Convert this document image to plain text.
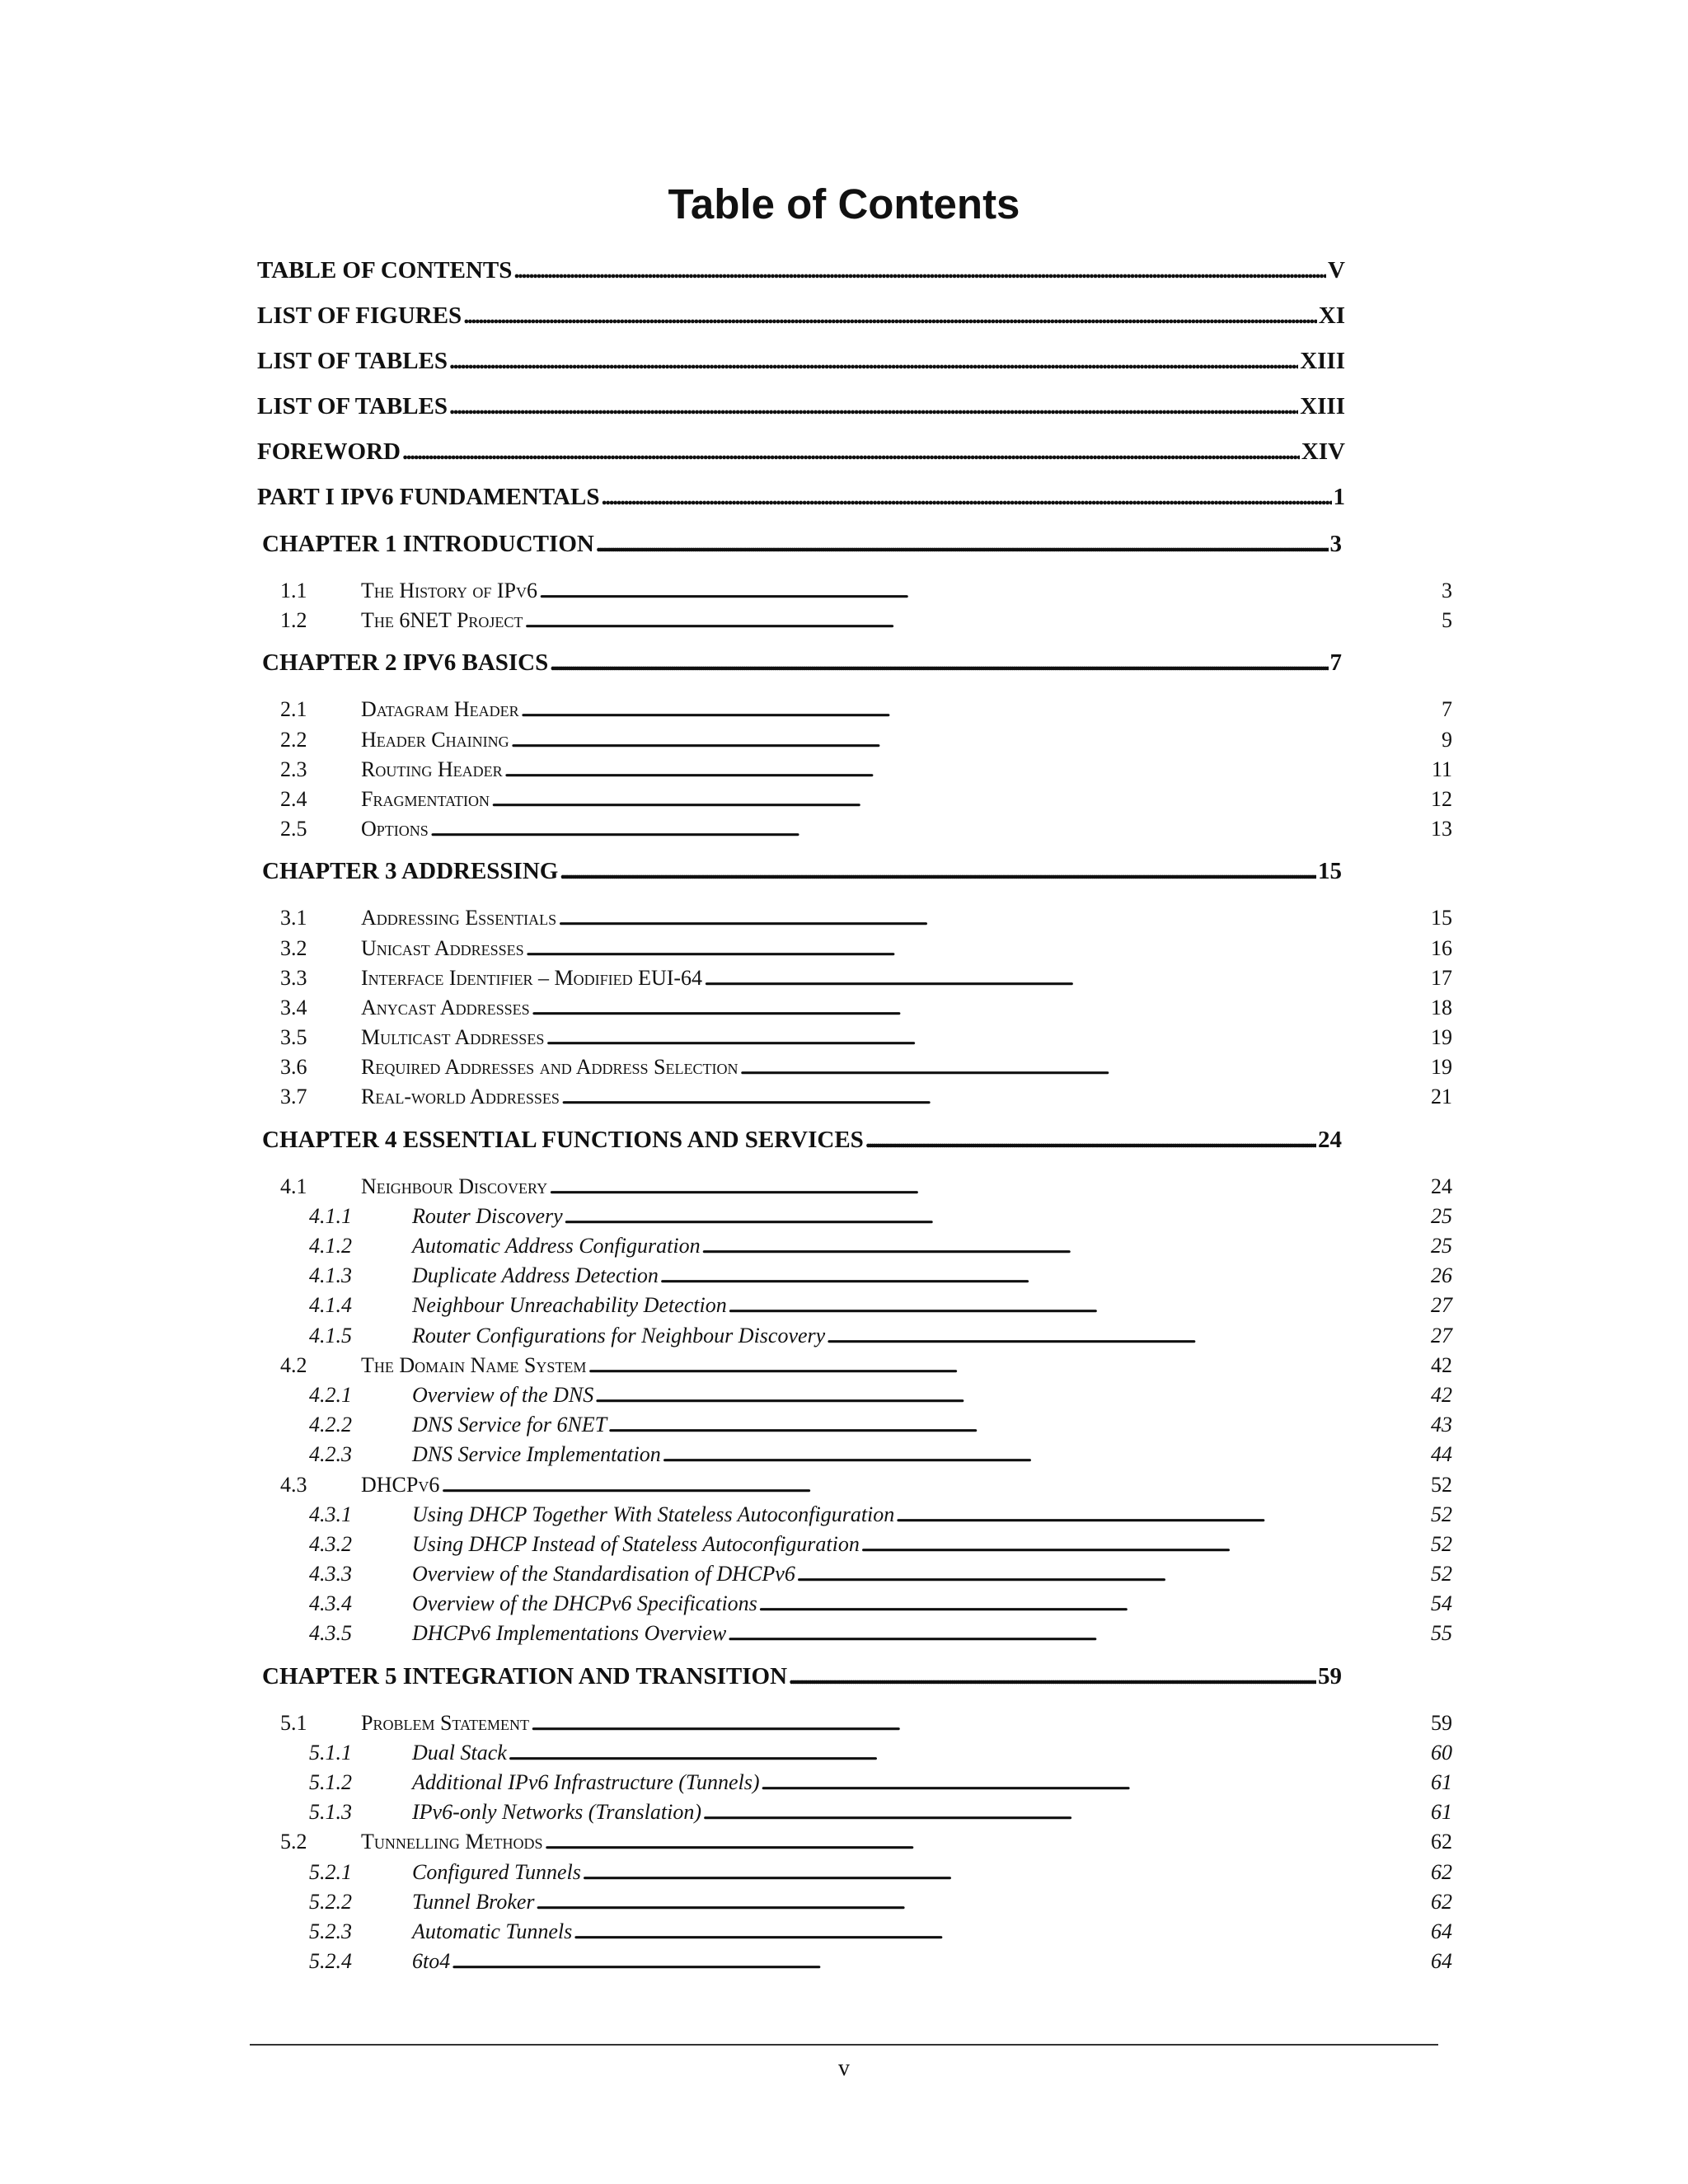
Table of Contents
TABLE OF CONTENTS . . .	V
LIST OF FIGURES . . .	XI
LIST OF TABLES . . .	XIII
LIST OF TABLES . . .	XIII
FOREWORD . . .	XIV
PART I IPV6 FUNDAMENTALS . . .	1
CHAPTER 1 INTRODUCTION . . .	3
1.1	The History of IPv6 . . .	3
1.2	The 6NET Project . . .	5
CHAPTER 2 IPV6 BASICS . . .	7
2.1	Datagram Header . . .	7
2.2	Header Chaining . . .	9
2.3	Routing Header . . .	11
2.4	Fragmentation . . .	12
2.5	Options . . .	13
CHAPTER 3 ADDRESSING . . .	15
3.1	Addressing Essentials . . .	15
3.2	Unicast Addresses . . .	16
3.3	Interface Identifier – Modified EUI-64 . . .	17
3.4	Anycast Addresses . . .	18
3.5	Multicast Addresses . . .	19
3.6	Required Addresses and Address Selection . . .	19
3.7	Real-world Addresses . . .	21
CHAPTER 4 ESSENTIAL FUNCTIONS AND SERVICES . . .	24
4.1	Neighbour Discovery . . .	24
4.1.1	Router Discovery . . .	25
4.1.2	Automatic Address Configuration . . .	25
4.1.3	Duplicate Address Detection . . .	26
4.1.4	Neighbour Unreachability Detection . . .	27
4.1.5	Router Configurations for Neighbour Discovery . . .	27
4.2	The Domain Name System . . .	42
4.2.1	Overview of the DNS . . .	42
4.2.2	DNS Service for 6NET . . .	43
4.2.3	DNS Service Implementation . . .	44
4.3	DHCPv6 . . .	52
4.3.1	Using DHCP Together With Stateless Autoconfiguration . . .	52
4.3.2	Using DHCP Instead of Stateless Autoconfiguration . . .	52
4.3.3	Overview of the Standardisation of DHCPv6 . . .	52
4.3.4	Overview of the DHCPv6 Specifications . . .	54
4.3.5	DHCPv6 Implementations Overview . . .	55
CHAPTER 5 INTEGRATION AND TRANSITION . . .	59
5.1	Problem Statement . . .	59
5.1.1	Dual Stack . . .	60
5.1.2	Additional IPv6 Infrastructure (Tunnels) . . .	61
5.1.3	IPv6-only Networks (Translation) . . .	61
5.2	Tunnelling Methods . . .	62
5.2.1	Configured Tunnels . . .	62
5.2.2	Tunnel Broker . . .	62
5.2.3	Automatic Tunnels . . .	64
5.2.4	6to4 . . .	64
v
